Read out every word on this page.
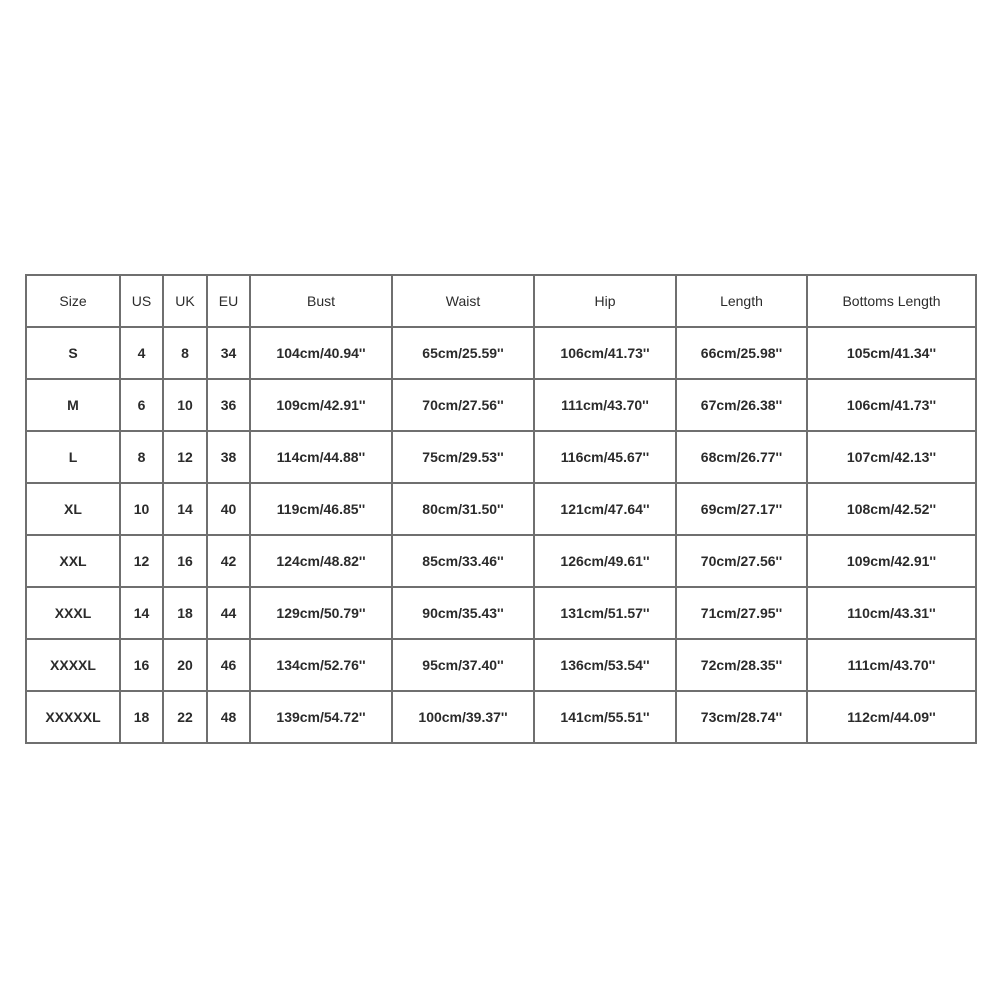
Size	US	UK	EU	Bust	Waist	Hip	Length	Bottoms Length
S	4	8	34	104cm/40.94''	65cm/25.59''	106cm/41.73''	66cm/25.98''	105cm/41.34''
M	6	10	36	109cm/42.91''	70cm/27.56''	111cm/43.70''	67cm/26.38''	106cm/41.73''
L	8	12	38	114cm/44.88''	75cm/29.53''	116cm/45.67''	68cm/26.77''	107cm/42.13''
XL	10	14	40	119cm/46.85''	80cm/31.50''	121cm/47.64''	69cm/27.17''	108cm/42.52''
XXL	12	16	42	124cm/48.82''	85cm/33.46''	126cm/49.61''	70cm/27.56''	109cm/42.91''
XXXL	14	18	44	129cm/50.79''	90cm/35.43''	131cm/51.57''	71cm/27.95''	110cm/43.31''
XXXXL	16	20	46	134cm/52.76''	95cm/37.40''	136cm/53.54''	72cm/28.35''	111cm/43.70''
XXXXXL	18	22	48	139cm/54.72''	100cm/39.37''	141cm/55.51''	73cm/28.74''	112cm/44.09''
